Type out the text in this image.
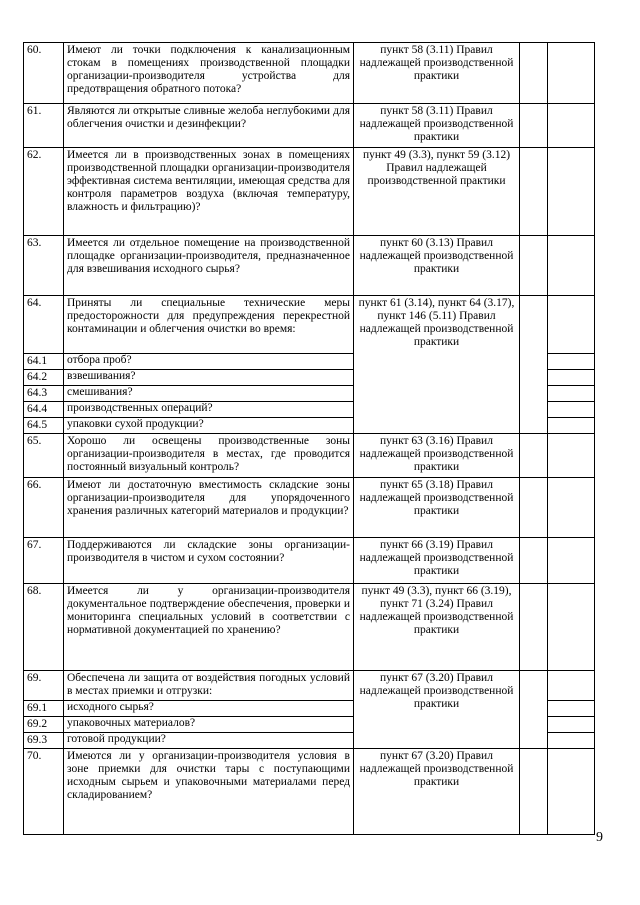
60.	Имеют ли точки подключения к канализационным стокам в помещениях производственной площадки организации-производителя устройства для предотвращения обратного потока?	пункт 58 (3.11) Правил надлежащей производственной практики		
61.	Являются ли открытые сливные желоба неглубокими для облегчения очистки и дезинфекции?	пункт 58 (3.11) Правил надлежащей производственной практики		
62.	Имеется ли в производственных зонах в помещениях производственной площадки организации-производителя эффективная система вентиляции, имеющая средства для контроля параметров воздуха (включая температуру, влажность и фильтрацию)?	пункт 49 (3.3), пункт 59 (3.12) Правил надлежащей производственной практики		
63.	Имеется ли отдельное помещение на производственной площадке организации-производителя, предназначенное для взвешивания исходного сырья?	пункт 60 (3.13) Правил надлежащей производственной практики		
64.	Приняты ли специальные технические меры предосторожности для предупреждения перекрестной контаминации и облегчения очистки во время:	пункт 61 (3.14), пункт 64 (3.17), пункт 146 (5.11) Правил надлежащей производственной практики		
64.1	отбора проб?			
64.2	взвешивания?			
64.3	смешивания?			
64.4	производственных операций?			
64.5	упаковки сухой продукции?			
65.	Хорошо ли освещены производственные зоны организации-производителя в местах, где проводится постоянный визуальный контроль?	пункт 63 (3.16) Правил надлежащей производственной практики		
66.	Имеют ли достаточную вместимость складские зоны организации-производителя для упорядоченного хранения различных категорий материалов и продукции?	пункт 65 (3.18) Правил надлежащей производственной практики		
67.	Поддерживаются ли складские зоны организации-производителя в чистом и сухом состоянии?	пункт 66 (3.19) Правил надлежащей производственной практики		
68.	Имеется ли у организации-производителя документальное подтверждение обеспечения, проверки и мониторинга специальных условий в соответствии с нормативной документацией по хранению?	пункт 49 (3.3), пункт 66 (3.19), пункт 71 (3.24) Правил надлежащей производственной практики		
69.	Обеспечена ли защита от воздействия погодных условий в местах приемки и отгрузки:	пункт 67 (3.20) Правил надлежащей производственной практики		
69.1	исходного сырья?			
69.2	упаковочных материалов?			
69.3	готовой продукции?			
70.	Имеются ли у организации-производителя условия в зоне приемки для очистки тары с поступающими исходным сырьем и упаковочными материалами перед складированием?	пункт 67 (3.20) Правил надлежащей производственной практики		
9
